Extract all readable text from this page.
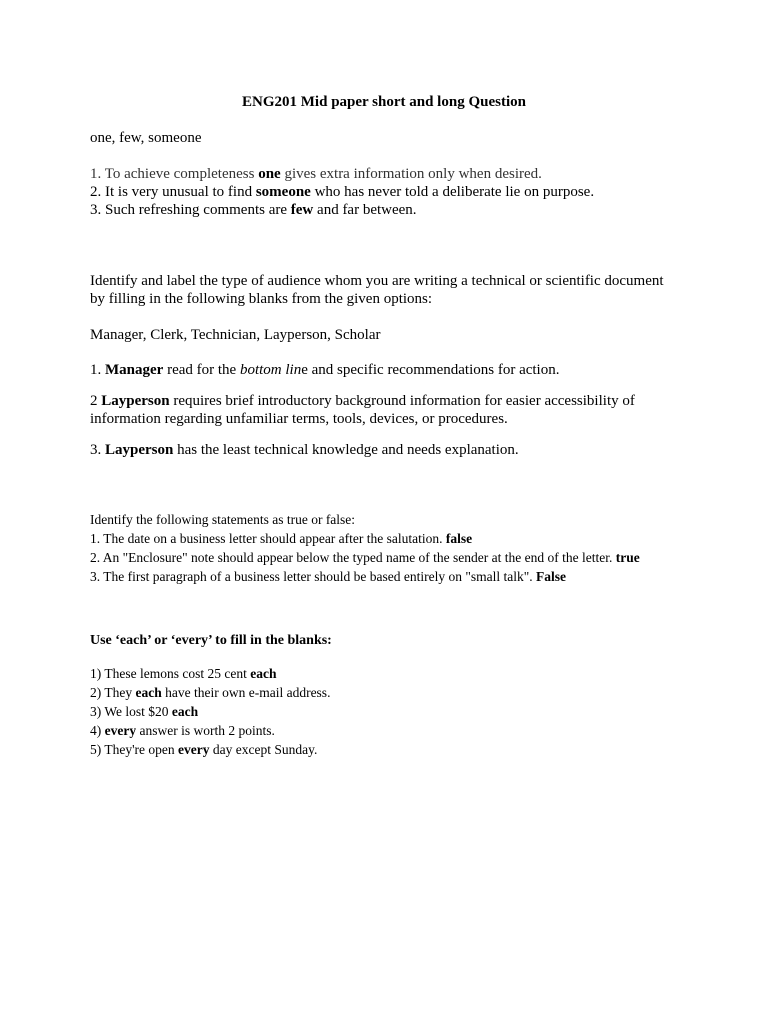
ENG201 Mid paper short and long Question
one, few, someone
1. To achieve completeness one gives extra information only when desired.
2. It is very unusual to find someone who has never told a deliberate lie on purpose.
3. Such refreshing comments are few and far between.
Identify and label the type of audience whom you are writing a technical or scientific document by filling in the following blanks from the given options:
Manager, Clerk, Technician, Layperson, Scholar
1. Manager read for the bottom line and specific recommendations for action.
2 Layperson requires brief introductory background information for easier accessibility of information regarding unfamiliar terms, tools, devices, or procedures.
3. Layperson has the least technical knowledge and needs explanation.
Identify the following statements as true or false:
1. The date on a business letter should appear after the salutation. false
2. An "Enclosure" note should appear below the typed name of the sender at the end of the letter. true
3. The first paragraph of a business letter should be based entirely on "small talk". False
Use ‘each’ or ‘every’ to fill in the blanks:
1) These lemons cost 25 cent each
2) They each have their own e-mail address.
3) We lost $20 each
4) every answer is worth 2 points.
5) They're open every day except Sunday.
